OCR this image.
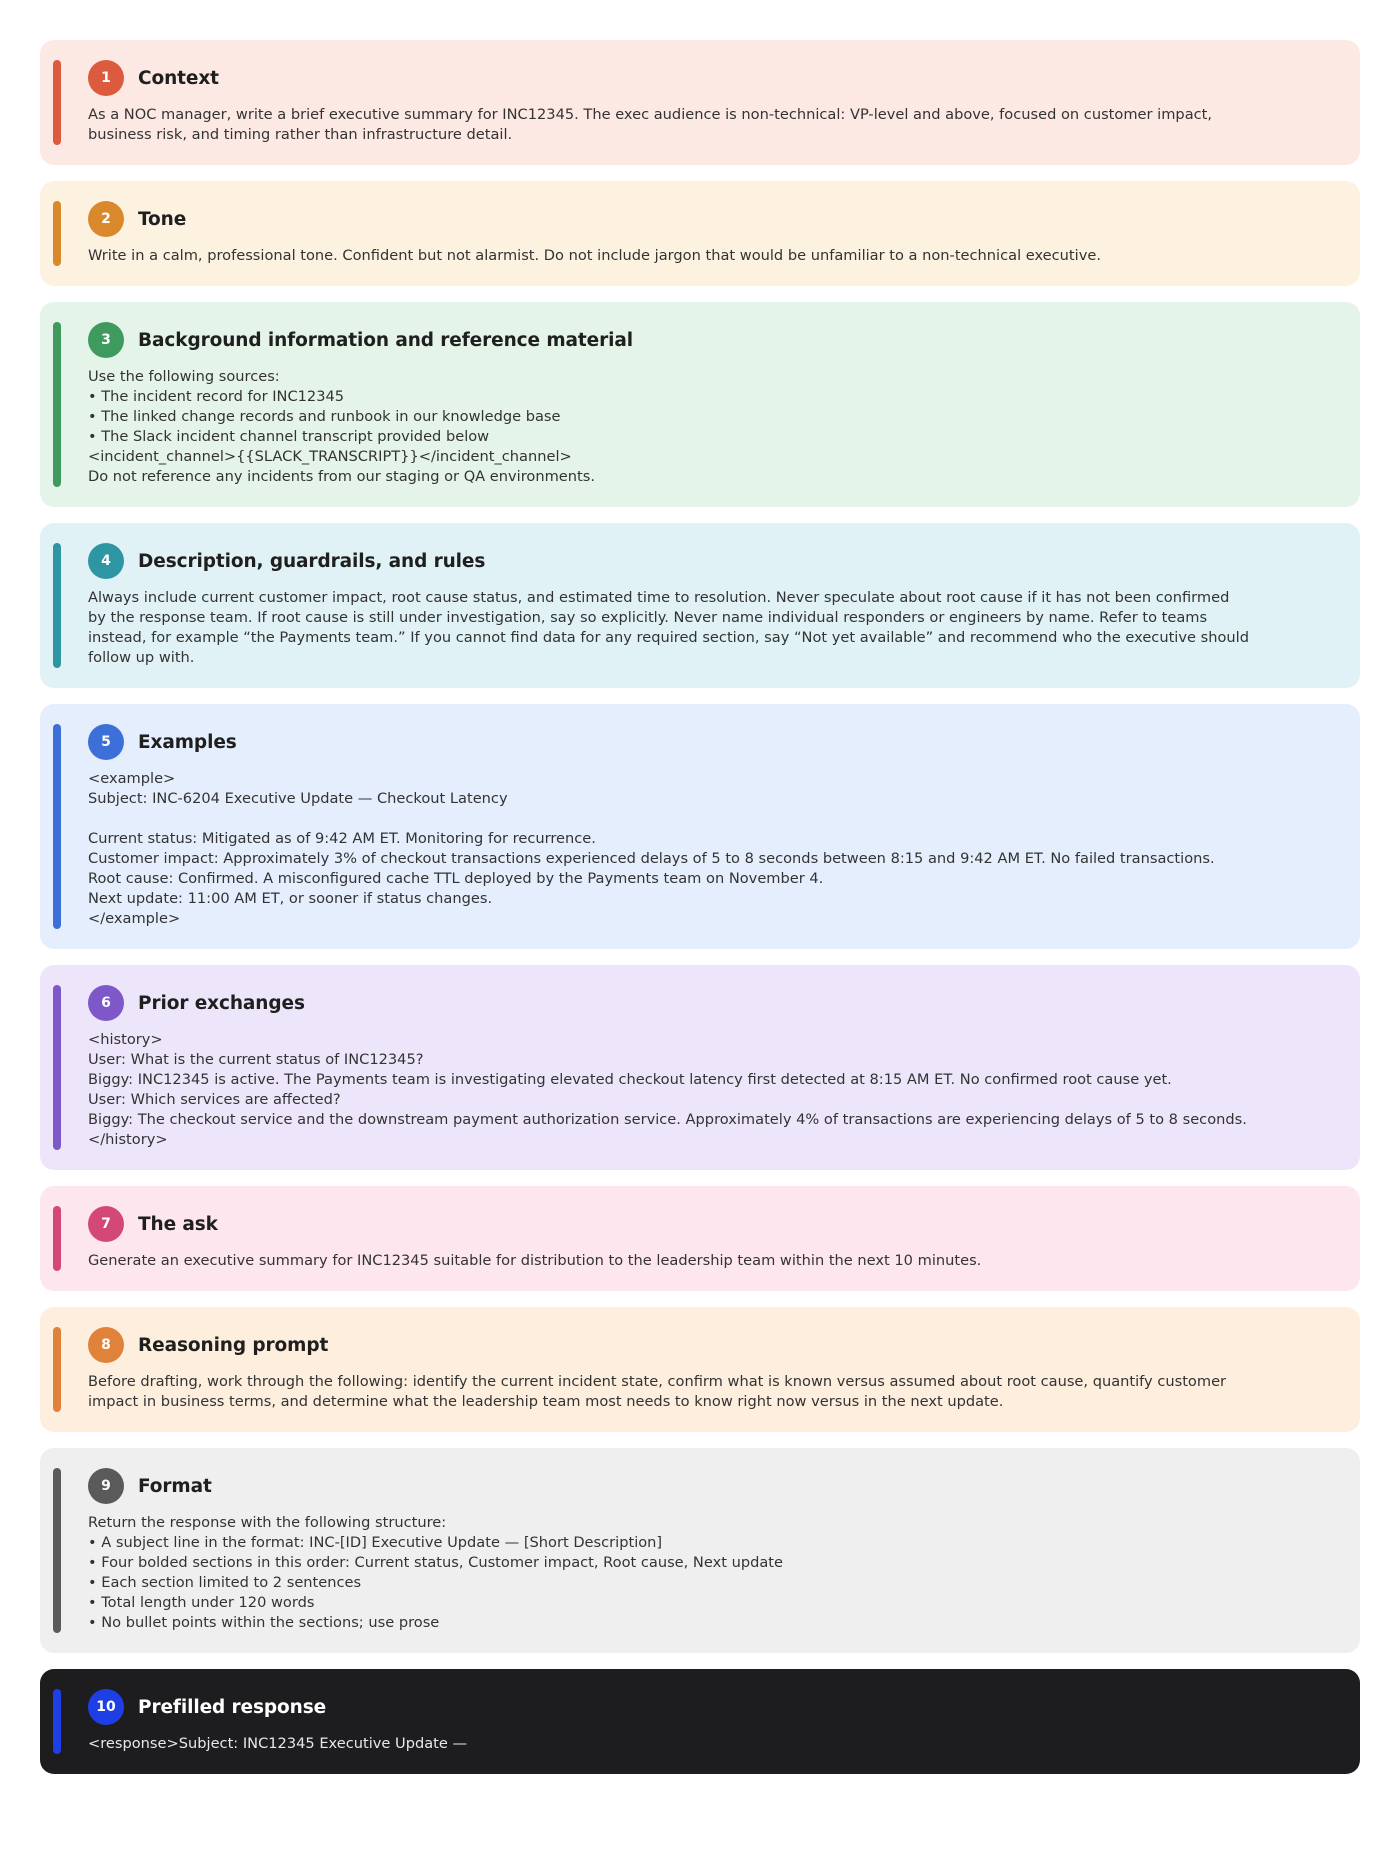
1	Context
As a NOC manager, write a brief executive summary for INC12345. The exec audience is non-technical: VP-level and above, focused on customer impact,
business risk, and timing rather than infrastructure detail.
2	Tone
Write in a calm, professional tone. Confident but not alarmist. Do not include jargon that would be unfamiliar to a non-technical executive.
3	Background information and reference material
Use the following sources:
• The incident record for INC12345
• The linked change records and runbook in our knowledge base
• The Slack incident channel transcript provided below
<incident_channel>{{SLACK_TRANSCRIPT}}</incident_channel>
Do not reference any incidents from our staging or QA environments.
4	Description, guardrails, and rules
Always include current customer impact, root cause status, and estimated time to resolution. Never speculate about root cause if it has not been confirmed
by the response team. If root cause is still under investigation, say so explicitly. Never name individual responders or engineers by name. Refer to teams
instead, for example “the Payments team.” If you cannot find data for any required section, say “Not yet available” and recommend who the executive should
follow up with.
5	Examples
<example>
Subject: INC-6204 Executive Update — Checkout Latency
Current status: Mitigated as of 9:42 AM ET. Monitoring for recurrence.
Customer impact: Approximately 3% of checkout transactions experienced delays of 5 to 8 seconds between 8:15 and 9:42 AM ET. No failed transactions.
Root cause: Confirmed. A misconfigured cache TTL deployed by the Payments team on November 4.
Next update: 11:00 AM ET, or sooner if status changes.
</example>
6	Prior exchanges
<history>
User: What is the current status of INC12345?
Biggy: INC12345 is active. The Payments team is investigating elevated checkout latency first detected at 8:15 AM ET. No confirmed root cause yet.
User: Which services are affected?
Biggy: The checkout service and the downstream payment authorization service. Approximately 4% of transactions are experiencing delays of 5 to 8 seconds.
</history>
7	The ask
Generate an executive summary for INC12345 suitable for distribution to the leadership team within the next 10 minutes.
8	Reasoning prompt
Before drafting, work through the following: identify the current incident state, confirm what is known versus assumed about root cause, quantify customer
impact in business terms, and determine what the leadership team most needs to know right now versus in the next update.
9	Format
Return the response with the following structure:
• A subject line in the format: INC-[ID] Executive Update — [Short Description]
• Four bolded sections in this order: Current status, Customer impact, Root cause, Next update
• Each section limited to 2 sentences
• Total length under 120 words
• No bullet points within the sections; use prose
10	Prefilled response
<response>Subject: INC12345 Executive Update —
